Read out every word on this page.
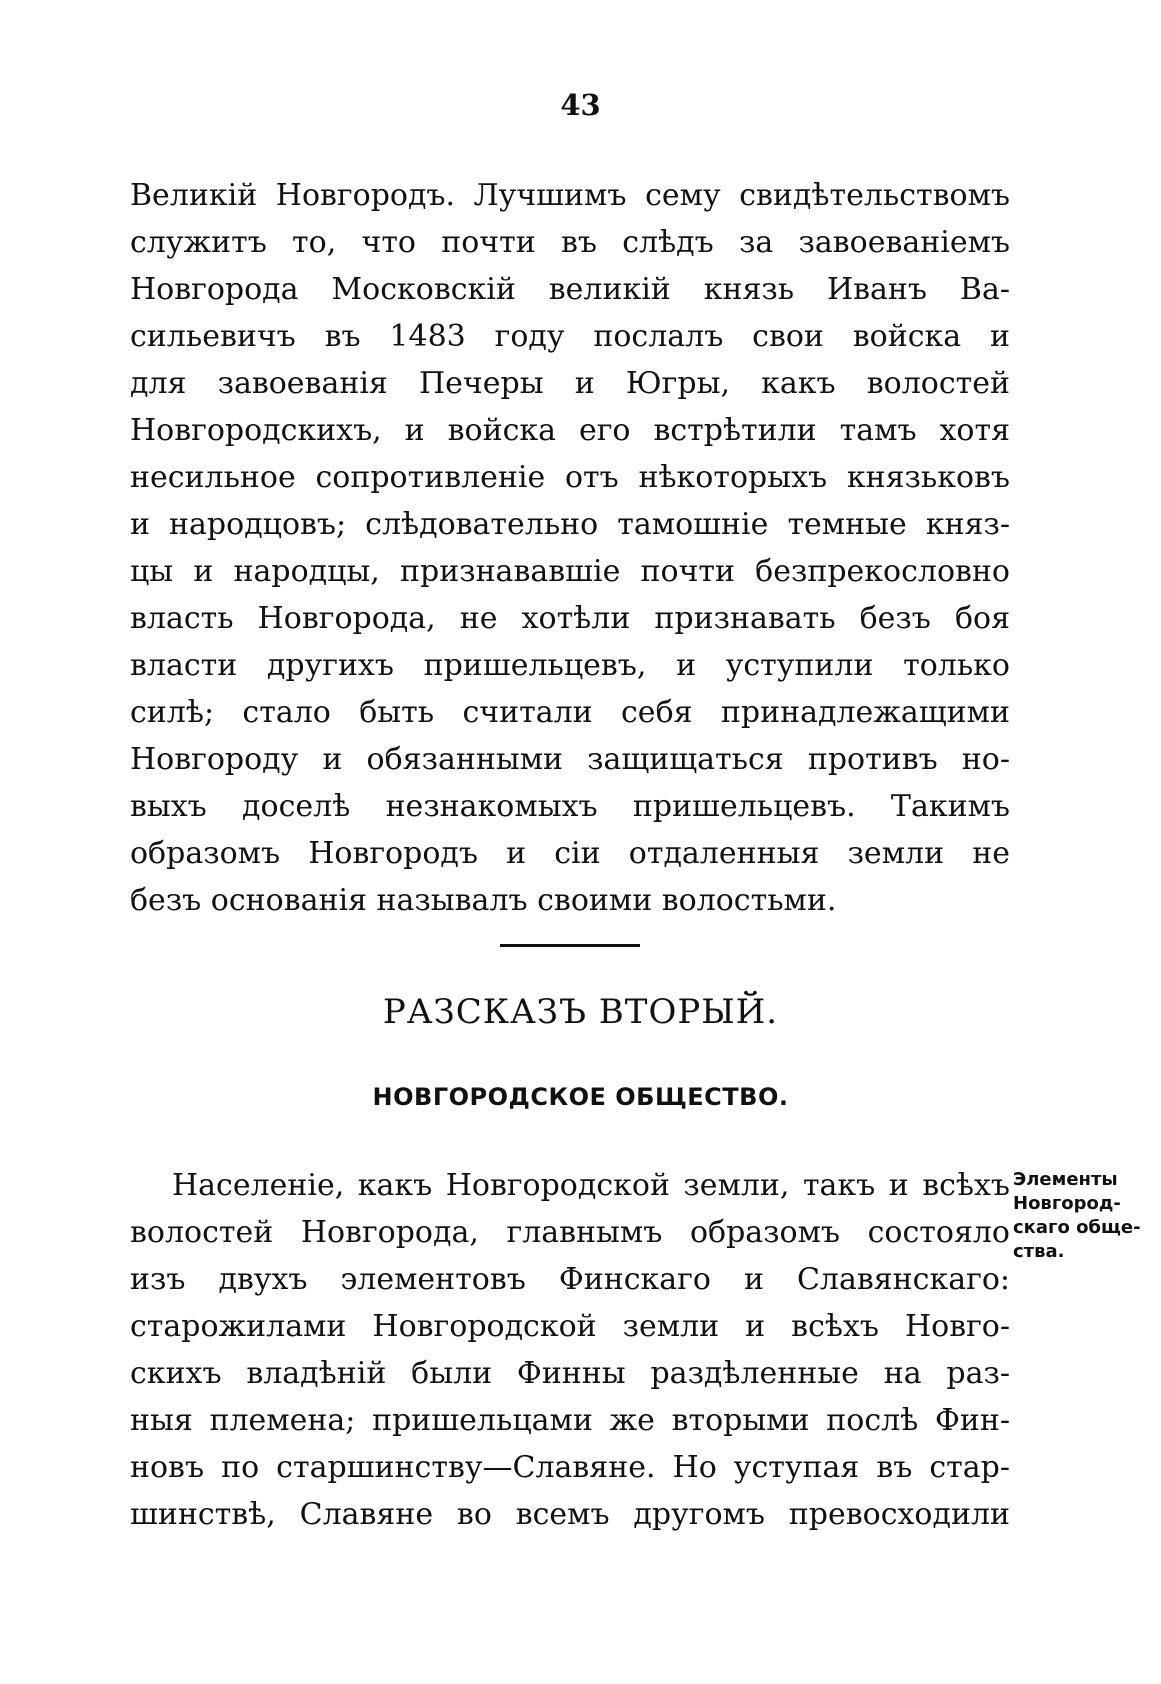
43
Великій Новгородъ. Лучшимъ сему свидѣтельствомъ
служитъ то, что почти въ слѣдъ за завоеваніемъ
Новгорода Московскій великій князь Иванъ Ва-
сильевичъ въ 1483 году послалъ свои войска и
для завоеванія Печеры и Югры, какъ волостей
Новгородскихъ, и войска его встрѣтили тамъ хотя
несильное сопротивленіе отъ нѣкоторыхъ князьковъ
и народцовъ; слѣдовательно тамошніе темные княз-
цы и народцы, признававшіе почти безпрекословно
власть Новгорода, не хотѣли признавать безъ боя
власти другихъ пришельцевъ, и уступили только
силѣ; стало быть считали себя принадлежащими
Новгороду и обязанными защищаться противъ но-
выхъ доселѣ незнакомыхъ пришельцевъ. Такимъ
образомъ Новгородъ и сіи отдаленныя земли не
безъ основанія называлъ своими волостьми.
РАЗСКАЗЪ ВТОРЫЙ.
НОВГОРОДСКОЕ ОБЩЕСТВО.
Населеніе, какъ Новгородской земли, такъ и всѣхъ
волостей Новгорода, главнымъ образомъ состояло
изъ двухъ элементовъ Финскаго и Славянскаго:
старожилами Новгородской земли и всѣхъ Новго-
скихъ владѣній были Финны раздѣленные на раз-
ныя племена; пришельцами же вторыми послѣ Фин-
новъ по старшинству—Славяне. Но уступая въ стар-
шинствѣ, Славяне во всемъ другомъ превосходили
Элементы
Новгород-
скаго обще-
ства.
